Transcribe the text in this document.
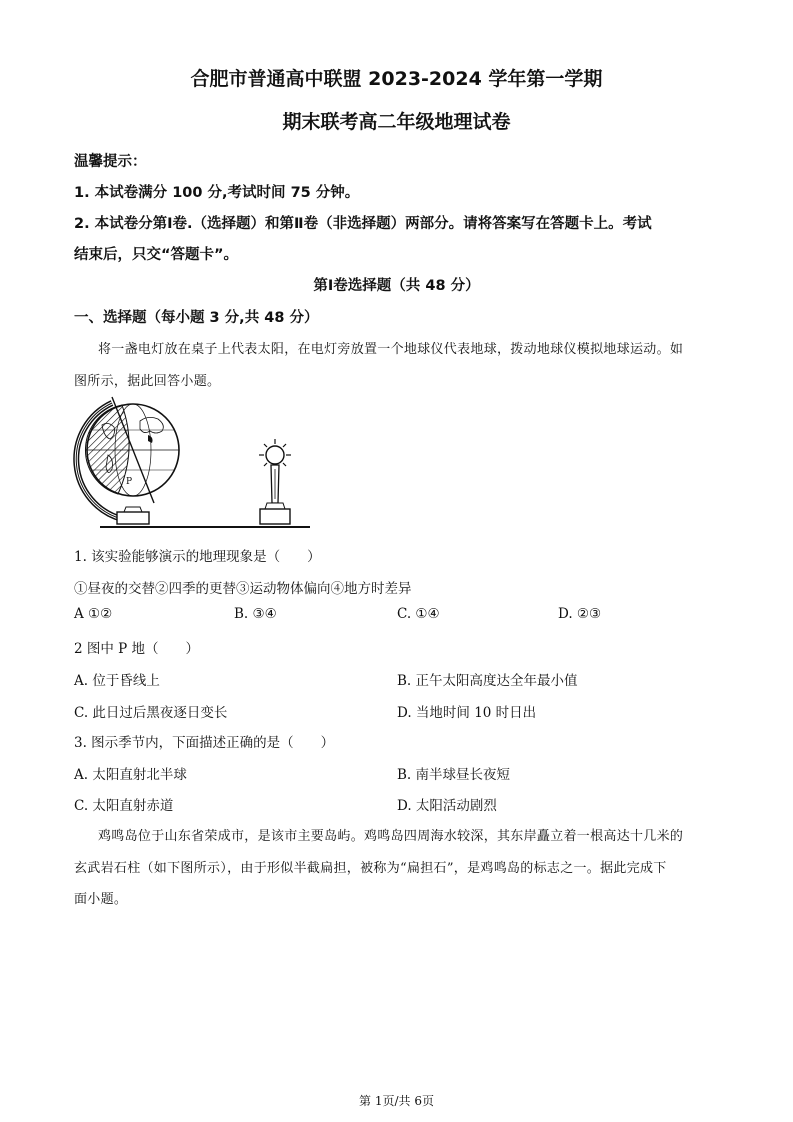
合肥市普通高中联盟 2023-2024 学年第一学期
期末联考高二年级地理试卷
温馨提示：
1. 本试卷满分 100 分,考试时间 75 分钟。
2. 本试卷分第Ⅰ卷.（选择题）和第Ⅱ卷（非选择题）两部分。请将答案写在答题卡上。考试
结束后，只交“答题卡”。
第Ⅰ卷选择题（共 48 分）
一、选择题（每小题 3 分,共 48 分）
将一盏电灯放在桌子上代表太阳，在电灯旁放置一个地球仪代表地球，拨动地球仪模拟地球运动。如
图所示，据此回答小题。
P
1. 该实验能够演示的地理现象是（　　）
①昼夜的交替②四季的更替③运动物体偏向④地方时差异
A ①②	B. ③④	C. ①④	D. ②③
2 图中 P 地（　　）
A. 位于昏线上	B. 正午太阳高度达全年最小值
C. 此日过后黑夜逐日变长	D. 当地时间 10 时日出
3. 图示季节内，下面描述正确的是（　　）
A. 太阳直射北半球	B. 南半球昼长夜短
C. 太阳直射赤道	D. 太阳活动剧烈
鸡鸣岛位于山东省荣成市，是该市主要岛屿。鸡鸣岛四周海水较深，其东岸矗立着一根高达十几米的
玄武岩石柱（如下图所示），由于形似半截扁担，被称为“扁担石”，是鸡鸣岛的标志之一。据此完成下
面小题。
第 1页/共 6页
